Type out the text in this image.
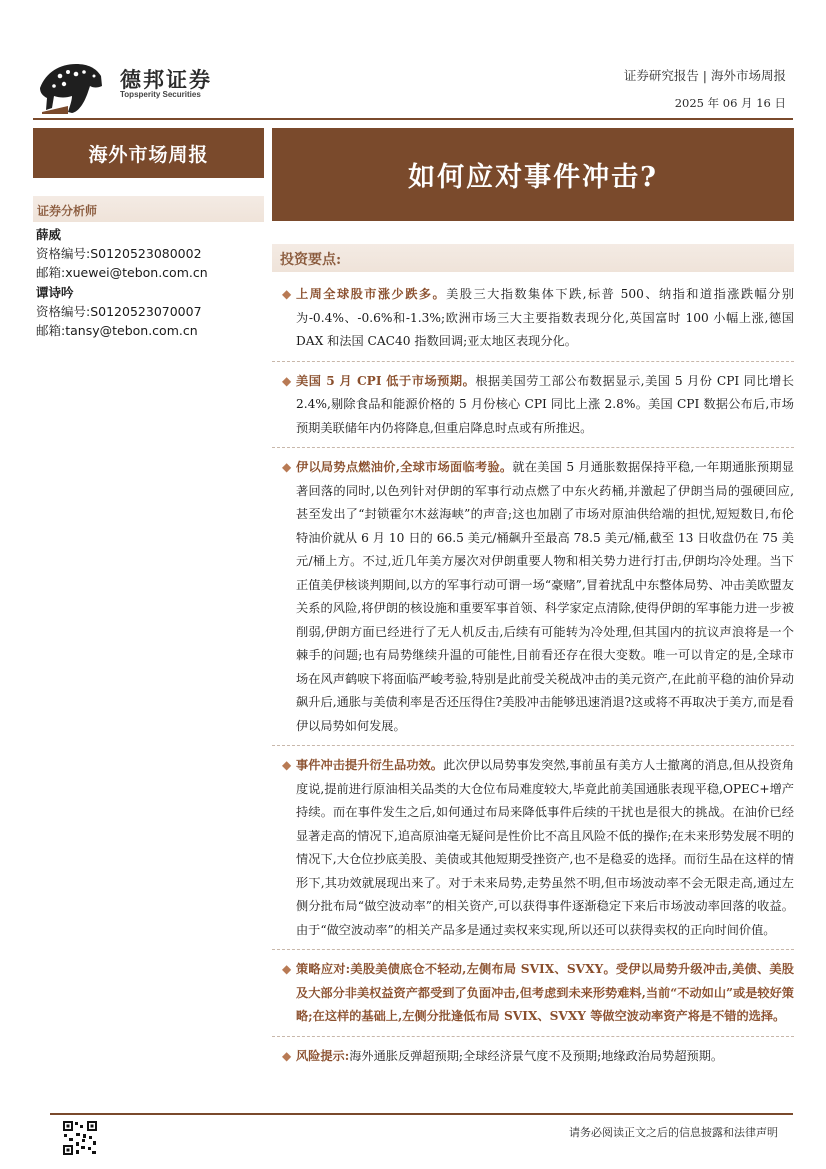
德邦证券
Topsperity Securities
证券研究报告 | 海外市场周报
2025 年 06 月 16 日
海外市场周报
如何应对事件冲击?
证券分析师
薛威
资格编号:S0120523080002
邮箱:xuewei@tebon.com.cn
谭诗吟
资格编号:S0120523070007
邮箱:tansy@tebon.com.cn
投资要点:
◆ 上周全球股市涨少跌多。美股三大指数集体下跌,标普 500、纳指和道指涨跌幅分别为-0.4%、-0.6%和-1.3%;欧洲市场三大主要指数表现分化,英国富时 100 小幅上涨,德国 DAX 和法国 CAC40 指数回调;亚太地区表现分化。
◆ 美国 5 月 CPI 低于市场预期。根据美国劳工部公布数据显示,美国 5 月份 CPI 同比增长 2.4%,剔除食品和能源价格的 5 月份核心 CPI 同比上涨 2.8%。美国 CPI 数据公布后,市场预期美联储年内仍将降息,但重启降息时点或有所推迟。
◆ 伊以局势点燃油价,全球市场面临考验。就在美国 5 月通胀数据保持平稳,一年期通胀预期显著回落的同时,以色列针对伊朗的军事行动点燃了中东火药桶,并激起了伊朗当局的强硬回应,甚至发出了“封锁霍尔木兹海峡”的声音;这也加剧了市场对原油供给端的担忧,短短数日,布伦特油价就从 6 月 10 日的 66.5 美元/桶飙升至最高 78.5 美元/桶,截至 13 日收盘仍在 75 美元/桶上方。不过,近几年美方屡次对伊朗重要人物和相关势力进行打击,伊朗均冷处理。当下正值美伊核谈判期间,以方的军事行动可谓一场“豪赌”,冒着扰乱中东整体局势、冲击美欧盟友关系的风险,将伊朗的核设施和重要军事首领、科学家定点清除,使得伊朗的军事能力进一步被削弱,伊朗方面已经进行了无人机反击,后续有可能转为冷处理,但其国内的抗议声浪将是一个棘手的问题;也有局势继续升温的可能性,目前看还存在很大变数。唯一可以肯定的是,全球市场在风声鹤唳下将面临严峻考验,特别是此前受关税战冲击的美元资产,在此前平稳的油价异动飙升后,通胀与美债利率是否还压得住?美股冲击能够迅速消退?这或将不再取决于美方,而是看伊以局势如何发展。
◆ 事件冲击提升衍生品功效。此次伊以局势事发突然,事前虽有美方人士撤离的消息,但从投资角度说,提前进行原油相关品类的大仓位布局难度较大,毕竟此前美国通胀表现平稳,OPEC+增产持续。而在事件发生之后,如何通过布局来降低事件后续的干扰也是很大的挑战。在油价已经显著走高的情况下,追高原油毫无疑问是性价比不高且风险不低的操作;在未来形势发展不明的情况下,大仓位抄底美股、美债或其他短期受挫资产,也不是稳妥的选择。而衍生品在这样的情形下,其功效就展现出来了。对于未来局势,走势虽然不明,但市场波动率不会无限走高,通过左侧分批布局“做空波动率”的相关资产,可以获得事件逐渐稳定下来后市场波动率回落的收益。由于“做空波动率”的相关产品多是通过卖权来实现,所以还可以获得卖权的正向时间价值。
◆ 策略应对:美股美债底仓不轻动,左侧布局 SVIX、SVXY。受伊以局势升级冲击,美债、美股及大部分非美权益资产都受到了负面冲击,但考虑到未来形势难料,当前“不动如山”或是较好策略;在这样的基础上,左侧分批逢低布局 SVIX、SVXY 等做空波动率资产将是不错的选择。
◆ 风险提示:海外通胀反弹超预期;全球经济景气度不及预期;地缘政治局势超预期。
请务必阅读正文之后的信息披露和法律声明
